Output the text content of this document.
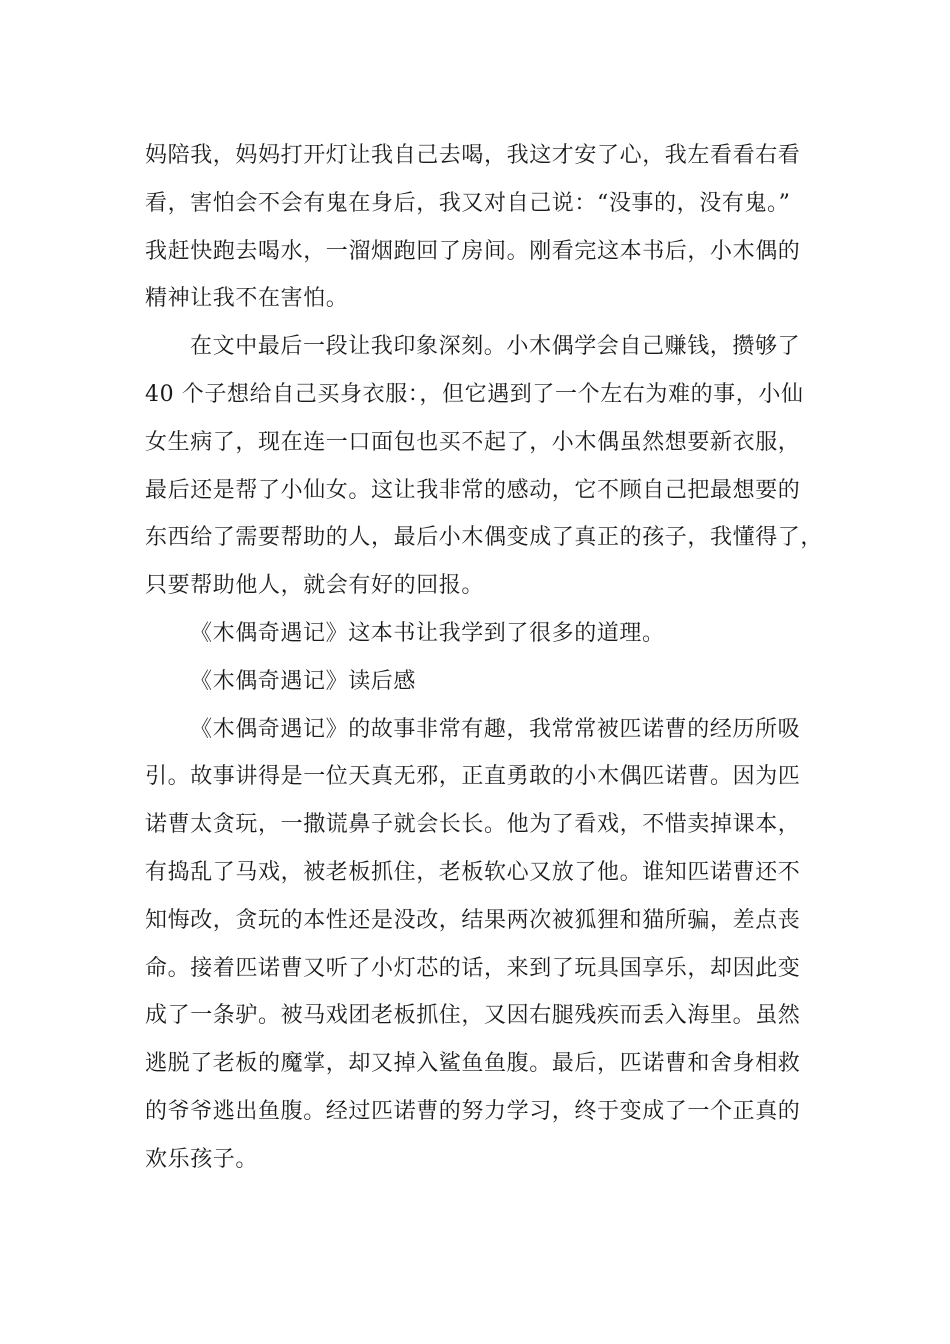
妈陪我，妈妈打开灯让我自己去喝，我这才安了心，我左看看右看
看，害怕会不会有鬼在身后，我又对自己说：“没事的，没有鬼。”
我赶快跑去喝水，一溜烟跑回了房间。刚看完这本书后，小木偶的
精神让我不在害怕。
在文中最后一段让我印象深刻。小木偶学会自己赚钱，攒够了
40 个子想给自己买身衣服：，但它遇到了一个左右为难的事，小仙
女生病了，现在连一口面包也买不起了，小木偶虽然想要新衣服，
最后还是帮了小仙女。这让我非常的感动，它不顾自己把最想要的
东西给了需要帮助的人，最后小木偶变成了真正的孩子，我懂得了，
只要帮助他人，就会有好的回报。
《木偶奇遇记》这本书让我学到了很多的道理。
《木偶奇遇记》读后感
《木偶奇遇记》的故事非常有趣，我常常被匹诺曹的经历所吸
引。故事讲得是一位天真无邪，正直勇敢的小木偶匹诺曹。因为匹
诺曹太贪玩，一撒谎鼻子就会长长。他为了看戏，不惜卖掉课本，
有捣乱了马戏，被老板抓住，老板软心又放了他。谁知匹诺曹还不
知悔改，贪玩的本性还是没改，结果两次被狐狸和猫所骗，差点丧
命。接着匹诺曹又听了小灯芯的话，来到了玩具国享乐，却因此变
成了一条驴。被马戏团老板抓住，又因右腿残疾而丢入海里。虽然
逃脱了老板的魔掌，却又掉入鲨鱼鱼腹。最后，匹诺曹和舍身相救
的爷爷逃出鱼腹。经过匹诺曹的努力学习，终于变成了一个正真的
欢乐孩子。
